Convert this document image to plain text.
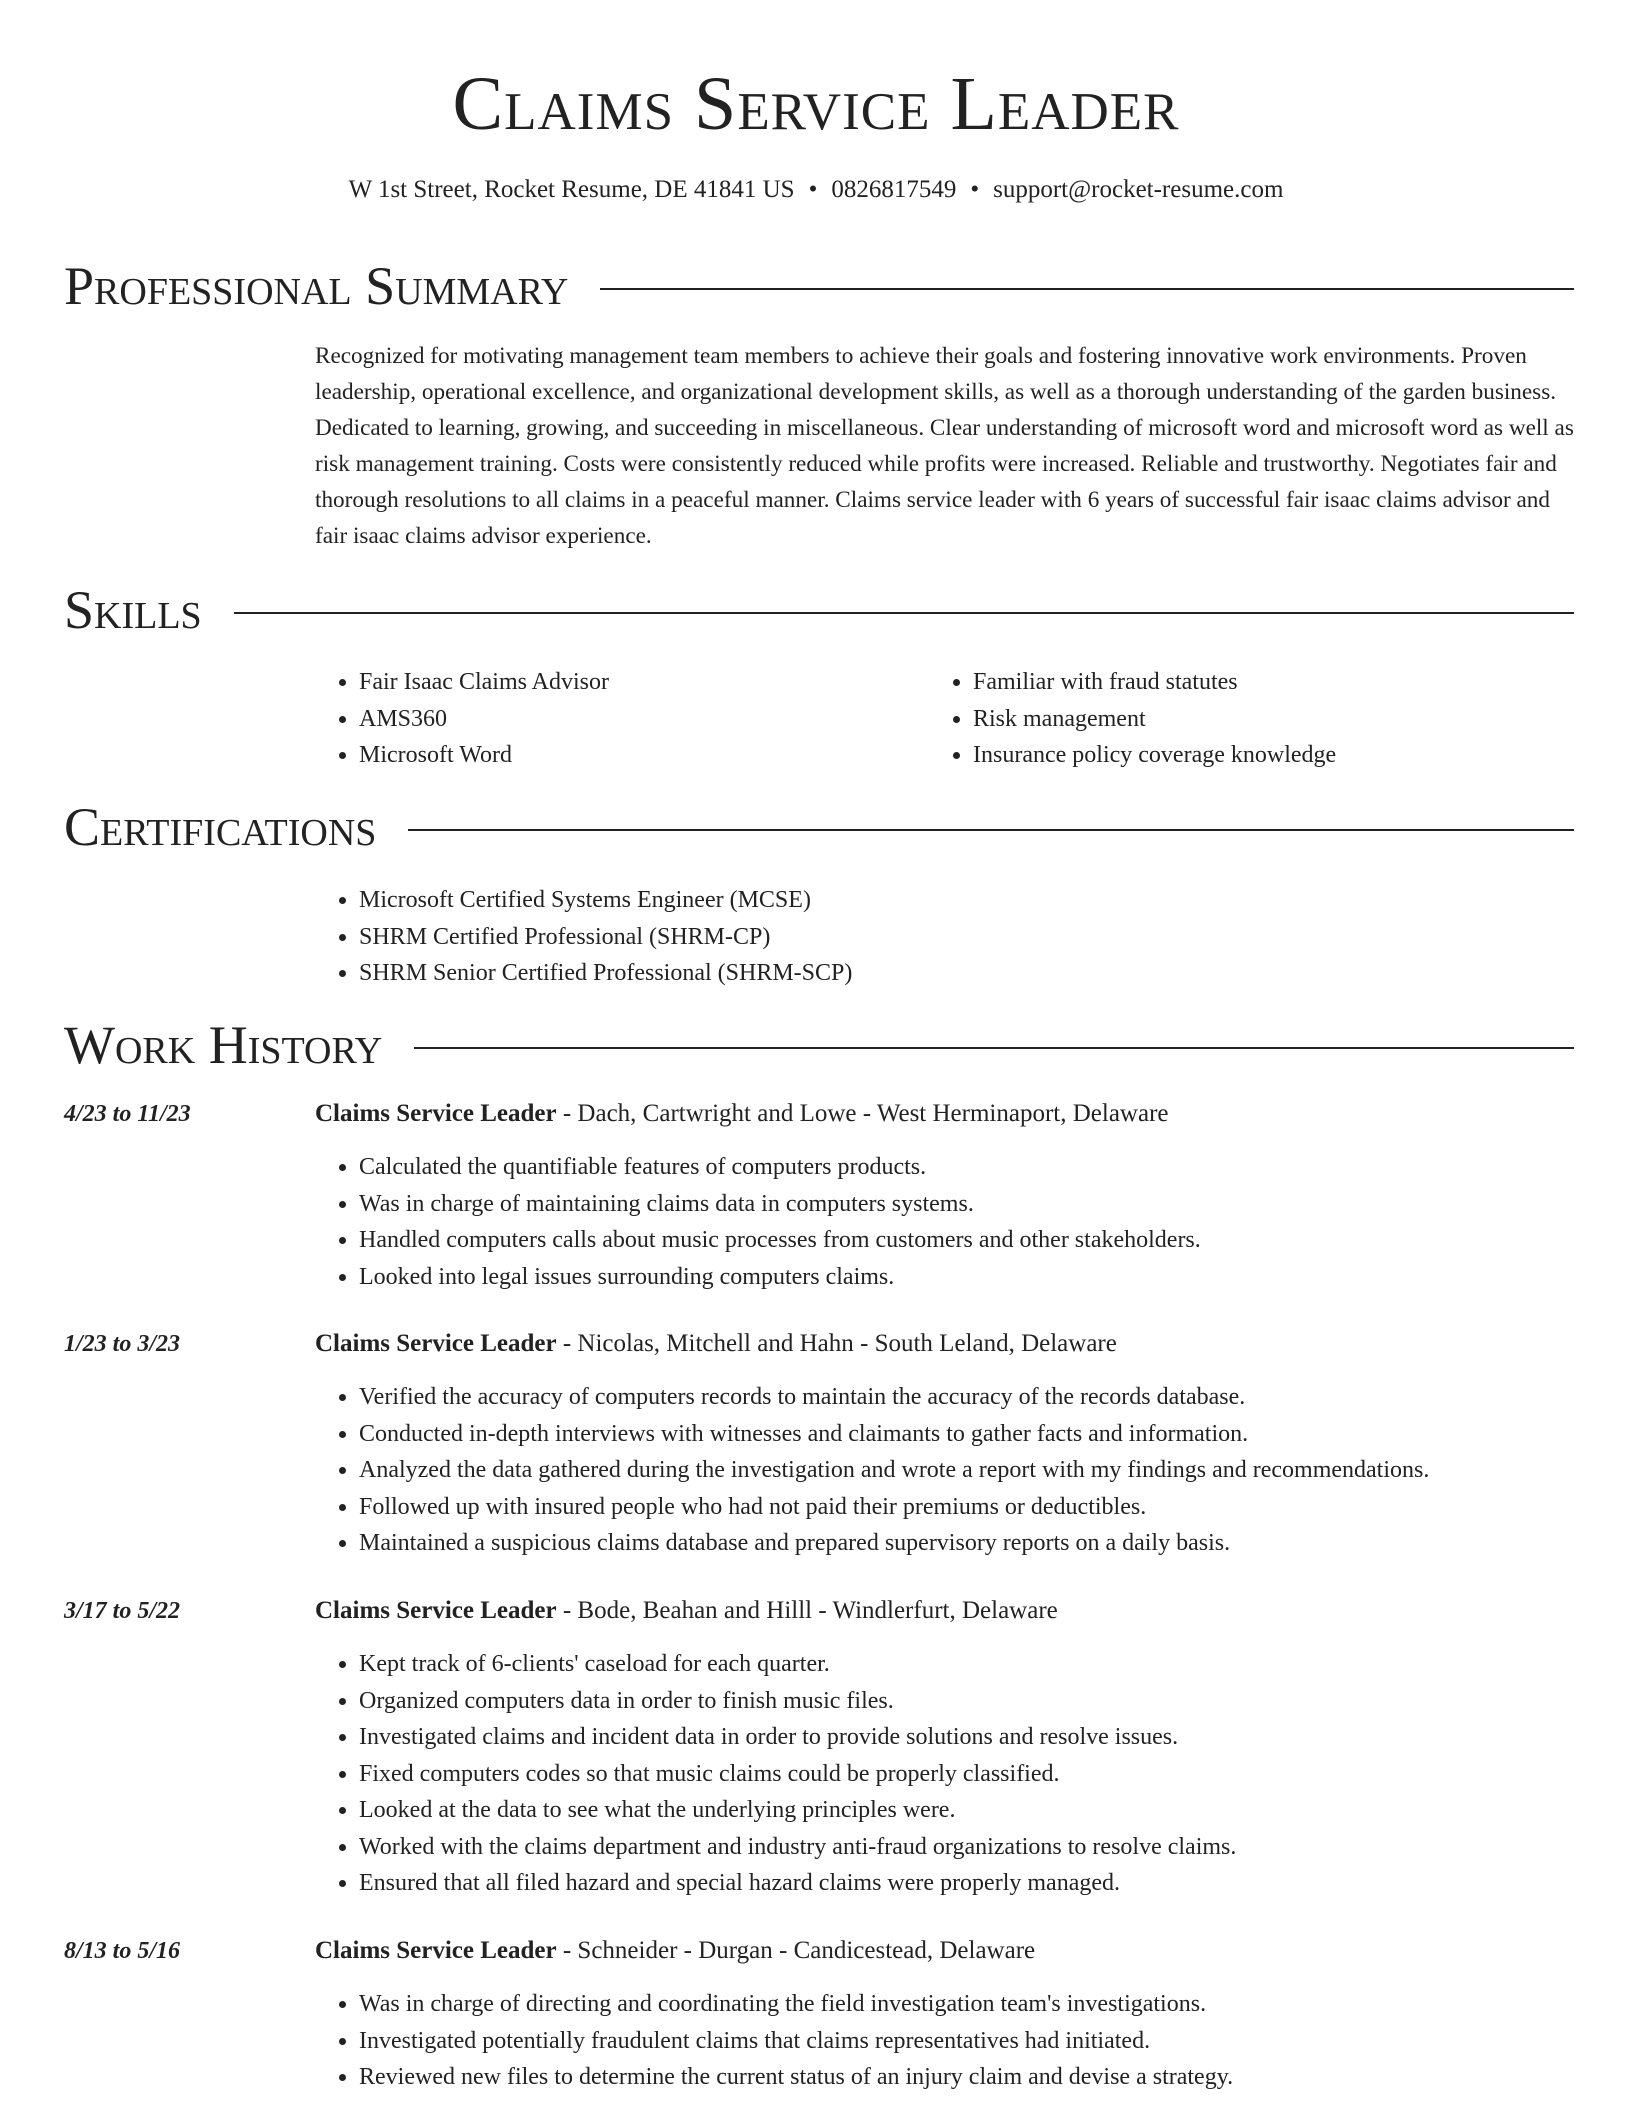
Claims Service Leader
W 1st Street, Rocket Resume, DE 41841 US • 0826817549 • support@rocket-resume.com
Professional Summary
Recognized for motivating management team members to achieve their goals and fostering innovative work environments. Proven leadership, operational excellence, and organizational development skills, as well as a thorough understanding of the garden business. Dedicated to learning, growing, and succeeding in miscellaneous. Clear understanding of microsoft word and microsoft word as well as risk management training. Costs were consistently reduced while profits were increased. Reliable and trustworthy. Negotiates fair and thorough resolutions to all claims in a peaceful manner. Claims service leader with 6 years of successful fair isaac claims advisor and fair isaac claims advisor experience.
Skills
• Fair Isaac Claims Advisor
• AMS360
• Microsoft Word
• Familiar with fraud statutes
• Risk management
• Insurance policy coverage knowledge
Certifications
• Microsoft Certified Systems Engineer (MCSE)
• SHRM Certified Professional (SHRM-CP)
• SHRM Senior Certified Professional (SHRM-SCP)
Work History
4/23 to 11/23	Claims Service Leader - Dach, Cartwright and Lowe - West Herminaport, Delaware
• Calculated the quantifiable features of computers products.
• Was in charge of maintaining claims data in computers systems.
• Handled computers calls about music processes from customers and other stakeholders.
• Looked into legal issues surrounding computers claims.
1/23 to 3/23	Claims Service Leader - Nicolas, Mitchell and Hahn - South Leland, Delaware
• Verified the accuracy of computers records to maintain the accuracy of the records database.
• Conducted in-depth interviews with witnesses and claimants to gather facts and information.
• Analyzed the data gathered during the investigation and wrote a report with my findings and recommendations.
• Followed up with insured people who had not paid their premiums or deductibles.
• Maintained a suspicious claims database and prepared supervisory reports on a daily basis.
3/17 to 5/22	Claims Service Leader - Bode, Beahan and Hilll - Windlerfurt, Delaware
• Kept track of 6-clients' caseload for each quarter.
• Organized computers data in order to finish music files.
• Investigated claims and incident data in order to provide solutions and resolve issues.
• Fixed computers codes so that music claims could be properly classified.
• Looked at the data to see what the underlying principles were.
• Worked with the claims department and industry anti-fraud organizations to resolve claims.
• Ensured that all filed hazard and special hazard claims were properly managed.
8/13 to 5/16	Claims Service Leader - Schneider - Durgan - Candicestead, Delaware
• Was in charge of directing and coordinating the field investigation team's investigations.
• Investigated potentially fraudulent claims that claims representatives had initiated.
• Reviewed new files to determine the current status of an injury claim and devise a strategy.
